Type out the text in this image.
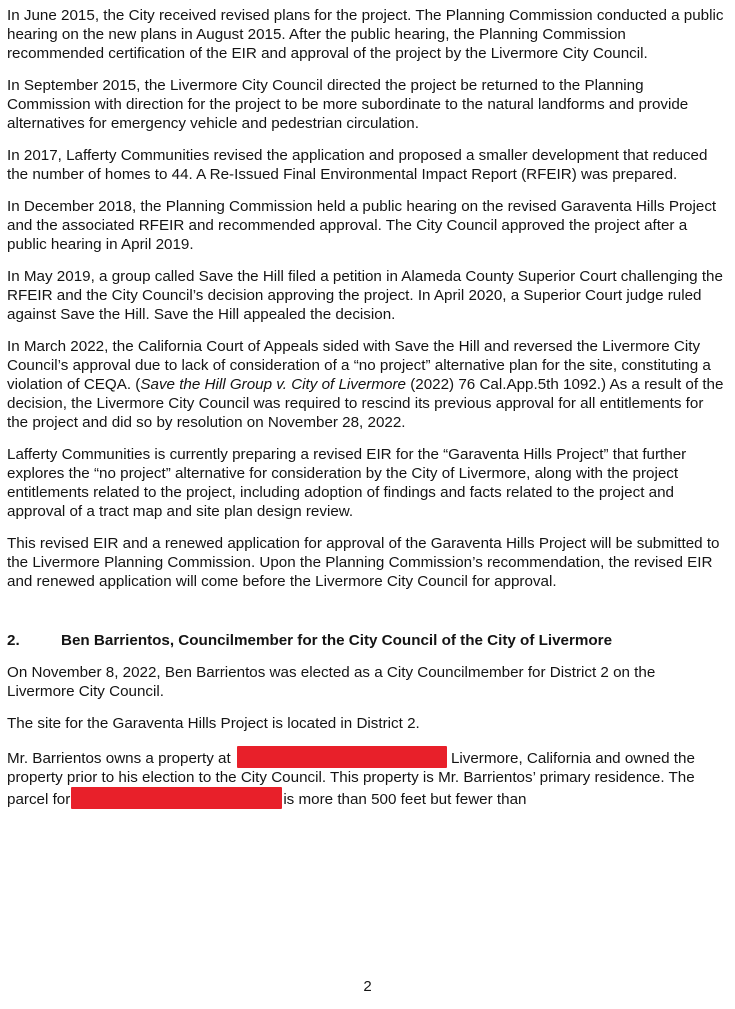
In June 2015, the City received revised plans for the project. The Planning Commission conducted a public hearing on the new plans in August 2015. After the public hearing, the Planning Commission recommended certification of the EIR and approval of the project by the Livermore City Council.

In September 2015, the Livermore City Council directed the project be returned to the Planning Commission with direction for the project to be more subordinate to the natural landforms and provide alternatives for emergency vehicle and pedestrian circulation.

In 2017, Lafferty Communities revised the application and proposed a smaller development that reduced the number of homes to 44. A Re-Issued Final Environmental Impact Report (RFEIR) was prepared.

In December 2018, the Planning Commission held a public hearing on the revised Garaventa Hills Project and the associated RFEIR and recommended approval. The City Council approved the project after a public hearing in April 2019.

In May 2019, a group called Save the Hill filed a petition in Alameda County Superior Court challenging the RFEIR and the City Council’s decision approving the project. In April 2020, a Superior Court judge ruled against Save the Hill. Save the Hill appealed the decision.

In March 2022, the California Court of Appeals sided with Save the Hill and reversed the Livermore City Council’s approval due to lack of consideration of a “no project” alternative plan for the site, constituting a violation of CEQA. (Save the Hill Group v. City of Livermore (2022) 76 Cal.App.5th 1092.) As a result of the decision, the Livermore City Council was required to rescind its previous approval for all entitlements for the project and did so by resolution on November 28, 2022.

Lafferty Communities is currently preparing a revised EIR for the “Garaventa Hills Project” that further explores the “no project” alternative for consideration by the City of Livermore, along with the project entitlements related to the project, including adoption of findings and facts related to the project and approval of a tract map and site plan design review.

This revised EIR and a renewed application for approval of the Garaventa Hills Project will be submitted to the Livermore Planning Commission. Upon the Planning Commission’s recommendation, the revised EIR and renewed application will come before the Livermore City Council for approval.

2.	Ben Barrientos, Councilmember for the City Council of the City of Livermore

On November 8, 2022, Ben Barrientos was elected as a City Councilmember for District 2 on the Livermore City Council.

The site for the Garaventa Hills Project is located in District 2.

Mr. Barrientos owns a property at	Livermore, California and owned the property prior to his election to the City Council. This property is Mr. Barrientos’ primary residence. The parcel for	is more than 500 feet but fewer than

2
